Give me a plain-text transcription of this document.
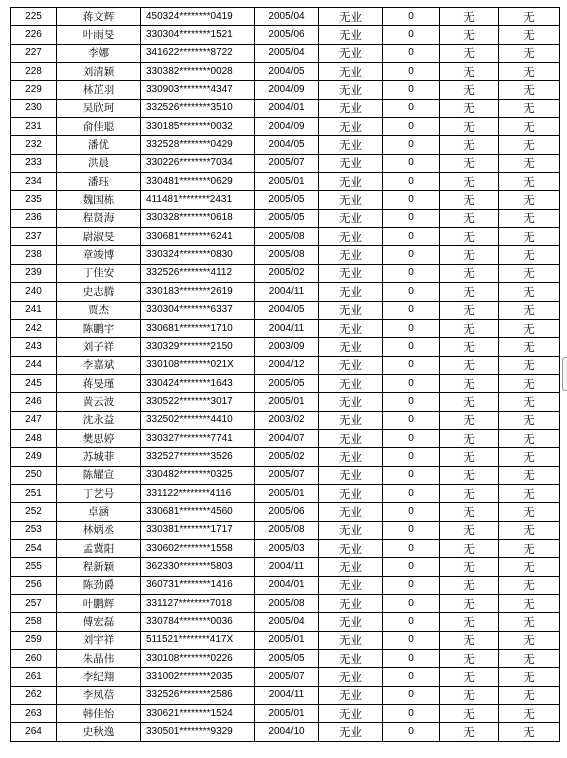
225	蒋文辉	450324********0419	2005/04	无业	0	无	无
226	叶雨旻	330304********1521	2005/06	无业	0	无	无
227	李娜	341622********8722	2005/04	无业	0	无	无
228	刘清颖	330382********0028	2004/05	无业	0	无	无
229	林芷羽	330903********4347	2004/09	无业	0	无	无
230	吴欣珂	332526********3510	2004/01	无业	0	无	无
231	俞佳聪	330185********0032	2004/09	无业	0	无	无
232	潘优	332528********0429	2004/05	无业	0	无	无
233	洪晨	330226********7034	2005/07	无业	0	无	无
234	潘珏	330481********0629	2005/01	无业	0	无	无
235	魏国栋	411481********2431	2005/05	无业	0	无	无
236	程贤海	330328********0618	2005/05	无业	0	无	无
237	尉淑旻	330681********6241	2005/08	无业	0	无	无
238	章竣博	330324********0830	2005/08	无业	0	无	无
239	丁佳安	332526********4112	2005/02	无业	0	无	无
240	史志腾	330183********2619	2004/11	无业	0	无	无
241	贾杰	330304********6337	2004/05	无业	0	无	无
242	陈鹏宇	330681********1710	2004/11	无业	0	无	无
243	刘子祥	330329********2150	2003/09	无业	0	无	无
244	李嘉斌	330108********021X	2004/12	无业	0	无	无
245	蒋旻瑾	330424********1643	2005/05	无业	0	无	无
246	黄云波	330522********3017	2005/01	无业	0	无	无
247	沈永益	332502********4410	2003/02	无业	0	无	无
248	樊思婷	330327********7741	2004/07	无业	0	无	无
249	苏城菲	332527********3526	2005/02	无业	0	无	无
250	陈耀宣	330482********0325	2005/07	无业	0	无	无
251	丁艺号	331122********4116	2005/01	无业	0	无	无
252	卓涵	330681********4560	2005/06	无业	0	无	无
253	林炳丞	330381********1717	2005/08	无业	0	无	无
254	孟冀阳	330602********1558	2005/03	无业	0	无	无
255	程新颖	362330********5803	2004/11	无业	0	无	无
256	陈劲爵	360731********1416	2004/01	无业	0	无	无
257	叶鹏辉	331127********7018	2005/08	无业	0	无	无
258	傅宏磊	330784********0036	2005/04	无业	0	无	无
259	刘宇祥	511521********417X	2005/01	无业	0	无	无
260	朱晶伟	330108********0226	2005/05	无业	0	无	无
261	李纪翔	331002********2035	2005/07	无业	0	无	无
262	李凤蓓	332526********2586	2004/11	无业	0	无	无
263	韩佳怡	330621********1524	2005/01	无业	0	无	无
264	史秋逸	330501********9329	2004/10	无业	0	无	无
